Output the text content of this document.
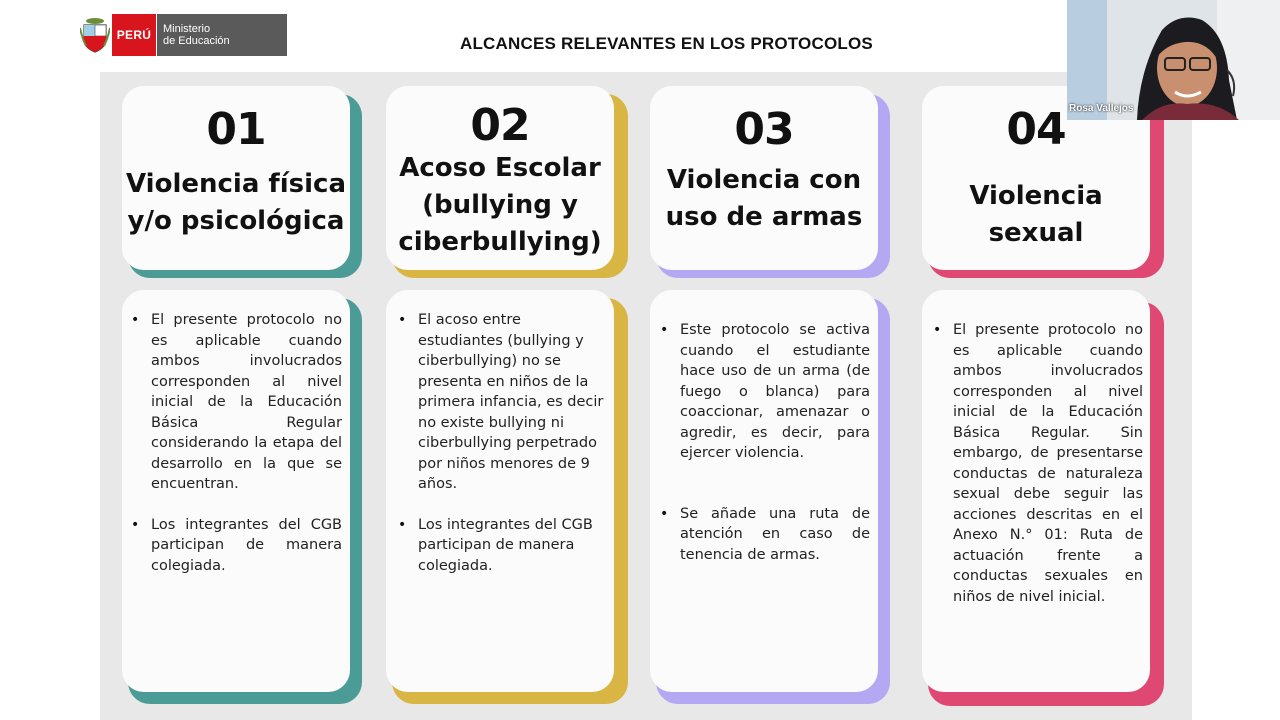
PERÚ	Ministerio
de Educación	ALCANCES RELEVANTES EN LOS PROTOCOLOS
01
Violencia física
y/o psicológica
• El presente protocolo no es aplicable cuando ambos involucrados corresponden al nivel inicial de la Educación Básica Regular considerando la etapa del desarrollo en la que se encuentran.
• Los integrantes del CGB participan de manera colegiada.
02
Acoso Escolar
(bullying y
ciberbullying)
• El acoso entre estudiantes (bullying y ciberbullying) no se presenta en niños de la primera infancia, es decir no existe bullying ni ciberbullying perpetrado por niños menores de 9 años.
• Los integrantes del CGB participan de manera colegiada.
03
Violencia con
uso de armas
• Este protocolo se activa cuando el estudiante hace uso de un arma (de fuego o blanca) para coaccionar, amenazar o agredir, es decir, para ejercer violencia.
• Se añade una ruta de atención en caso de tenencia de armas.
04
Violencia sexual
• El presente protocolo no es aplicable cuando ambos involucrados corresponden al nivel inicial de la Educación Básica Regular. Sin embargo, de presentarse conductas de naturaleza sexual debe seguir las acciones descritas en el Anexo N.° 01: Ruta de actuación frente a conductas sexuales en niños de nivel inicial.
Rosa Vallejos
